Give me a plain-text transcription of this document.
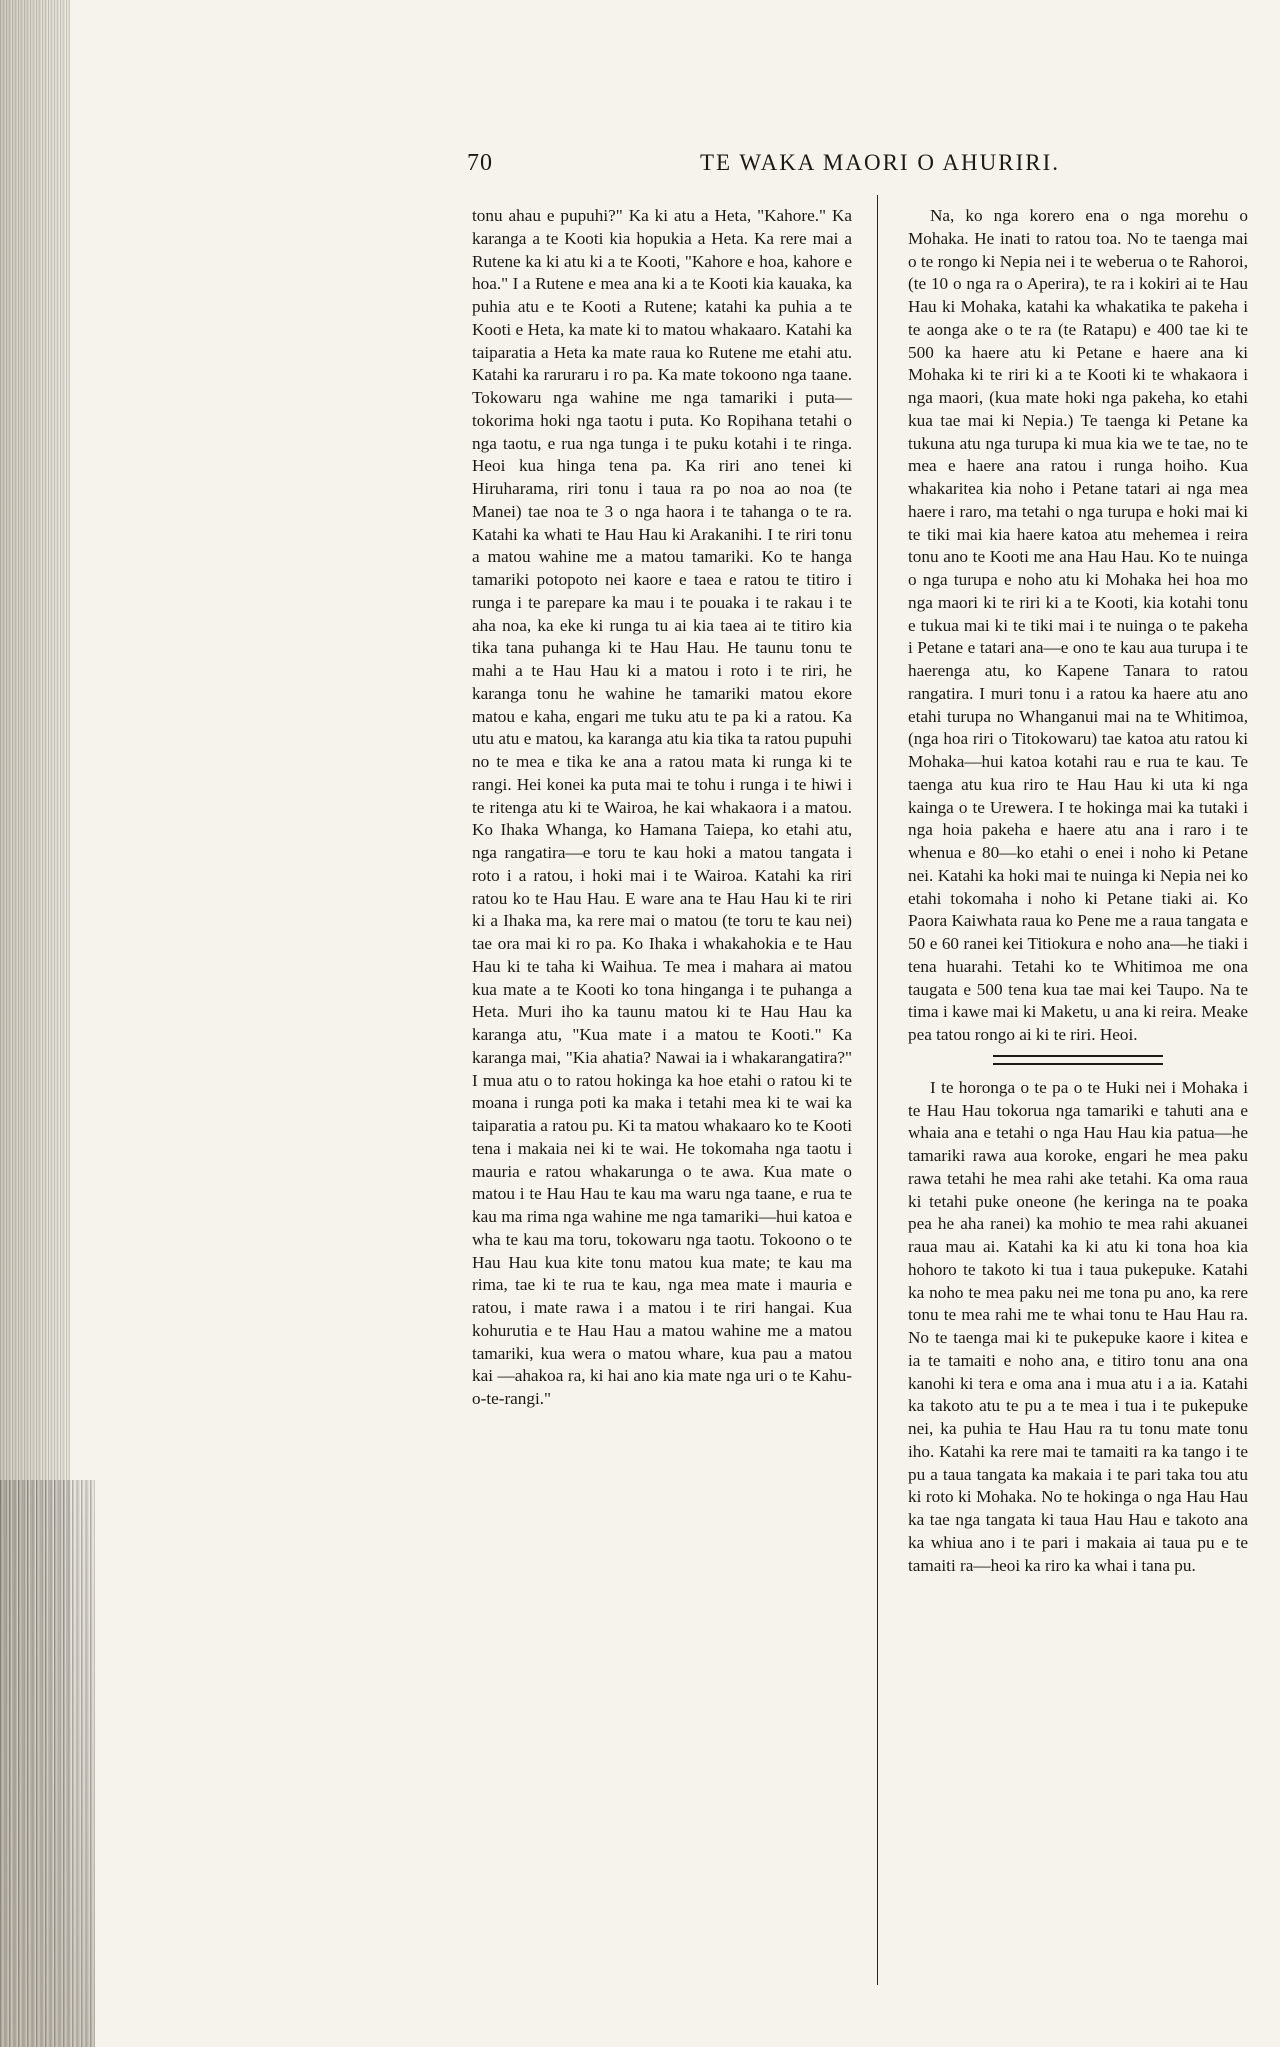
70	TE WAKA MAORI O AHURIRI.

tonu ahau e pupuhi?" Ka ki atu a Heta, "Kahore." Ka karanga a te Kooti kia hopukia a Heta. Ka rere mai a Rutene ka ki atu ki a te Kooti, "Kahore e hoa, kahore e hoa." I a Rutene e mea ana ki a te Kooti kia kauaka, ka puhia atu e te Kooti a Rutene; katahi ka puhia a te Kooti e Heta, ka mate ki to matou whakaaro. Katahi ka taiparatia a Heta ka mate raua ko Rutene me etahi atu. Katahi ka raruraru i ro pa. Ka mate tokoono nga taane. Tokowaru nga wahine me nga tamariki i puta—tokorima hoki nga taotu i puta. Ko Ropihana tetahi o nga taotu, e rua nga tunga i te puku kotahi i te ringa. Heoi kua hinga tena pa. Ka riri ano tenei ki Hiruharama, riri tonu i taua ra po noa ao noa (te Manei) tae noa te 3 o nga haora i te tahanga o te ra. Katahi ka whati te Hau Hau ki Arakanihi. I te riri tonu a matou wahine me a matou tamariki. Ko te hanga tamariki potopoto nei kaore e taea e ratou te titiro i runga i te parepare ka mau i te pouaka i te rakau i te aha noa, ka eke ki runga tu ai kia taea ai te titiro kia tika tana puhanga ki te Hau Hau. He taunu tonu te mahi a te Hau Hau ki a matou i roto i te riri, he karanga tonu he wahine he tamariki matou ekore matou e kaha, engari me tuku atu te pa ki a ratou. Ka utu atu e matou, ka karanga atu kia tika ta ratou pupuhi no te mea e tika ke ana a ratou mata ki runga ki te rangi. Hei konei ka puta mai te tohu i runga i te hiwi i te ritenga atu ki te Wairoa, he kai whakaora i a matou. Ko Ihaka Whanga, ko Hamana Taiepa, ko etahi atu, nga rangatira—e toru te kau hoki a matou tangata i roto i a ratou, i hoki mai i te Wairoa. Katahi ka riri ratou ko te Hau Hau. E ware ana te Hau Hau ki te riri ki a Ihaka ma, ka rere mai o matou (te toru te kau nei) tae ora mai ki ro pa. Ko Ihaka i whakahokia e te Hau Hau ki te taha ki Waihua. Te mea i mahara ai matou kua mate a te Kooti ko tona hinganga i te puhanga a Heta. Muri iho ka taunu matou ki te Hau Hau ka karanga atu, "Kua mate i a matou te Kooti." Ka karanga mai, "Kia ahatia? Nawai ia i whakarangatira?" I mua atu o to ratou hokinga ka hoe etahi o ratou ki te moana i runga poti ka maka i tetahi mea ki te wai ka taiparatia a ratou pu. Ki ta matou whakaaro ko te Kooti tena i makaia nei ki te wai. He tokomaha nga taotu i mauria e ratou whakarunga o te awa. Kua mate o matou i te Hau Hau te kau ma waru nga taane, e rua te kau ma rima nga wahine me nga tamariki—hui katoa e wha te kau ma toru, tokowaru nga taotu. Tokoono o te Hau Hau kua kite tonu matou kua mate; te kau ma rima, tae ki te rua te kau, nga mea mate i mauria e ratou, i mate rawa i a matou i te riri hangai. Kua kohurutia e te Hau Hau a matou wahine me a matou tamariki, kua wera o matou whare, kua pau a matou kai —ahakoa ra, ki hai ano kia mate nga uri o te Kahu-o-te-rangi."

Na, ko nga korero ena o nga morehu o Mohaka. He inati to ratou toa. No te taenga mai o te rongo ki Nepia nei i te weberua o te Rahoroi, (te 10 o nga ra o Aperira), te ra i kokiri ai te Hau Hau ki Mohaka, katahi ka whakatika te pakeha i te aonga ake o te ra (te Ratapu) e 400 tae ki te 500 ka haere atu ki Petane e haere ana ki Mohaka ki te riri ki a te Kooti ki te whakaora i nga maori, (kua mate hoki nga pakeha, ko etahi kua tae mai ki Nepia.) Te taenga ki Petane ka tukuna atu nga turupa ki mua kia we te tae, no te mea e haere ana ratou i runga hoiho. Kua whakaritea kia noho i Petane tatari ai nga mea haere i raro, ma tetahi o nga turupa e hoki mai ki te tiki mai kia haere katoa atu mehemea i reira tonu ano te Kooti me ana Hau Hau. Ko te nuinga o nga turupa e noho atu ki Mohaka hei hoa mo nga maori ki te riri ki a te Kooti, kia kotahi tonu e tukua mai ki te tiki mai i te nuinga o te pakeha i Petane e tatari ana—e ono te kau aua turupa i te haerenga atu, ko Kapene Tanara to ratou rangatira. I muri tonu i a ratou ka haere atu ano etahi turupa no Whanganui mai na te Whitimoa, (nga hoa riri o Titokowaru) tae katoa atu ratou ki Mohaka—hui katoa kotahi rau e rua te kau. Te taenga atu kua riro te Hau Hau ki uta ki nga kainga o te Urewera. I te hokinga mai ka tutaki i nga hoia pakeha e haere atu ana i raro i te whenua e 80—ko etahi o enei i noho ki Petane nei. Katahi ka hoki mai te nuinga ki Nepia nei ko etahi tokomaha i noho ki Petane tiaki ai. Ko Paora Kaiwhata raua ko Pene me a raua tangata e 50 e 60 ranei kei Titiokura e noho ana—he tiaki i tena huarahi. Tetahi ko te Whitimoa me ona taugata e 500 tena kua tae mai kei Taupo. Na te tima i kawe mai ki Maketu, u ana ki reira. Meake pea tatou rongo ai ki te riri. Heoi.

I te horonga o te pa o te Huki nei i Mohaka i te Hau Hau tokorua nga tamariki e tahuti ana e whaia ana e tetahi o nga Hau Hau kia patua—he tamariki rawa aua koroke, engari he mea paku rawa tetahi he mea rahi ake tetahi. Ka oma raua ki tetahi puke oneone (he keringa na te poaka pea he aha ranei) ka mohio te mea rahi akuanei raua mau ai. Katahi ka ki atu ki tona hoa kia hohoro te takoto ki tua i taua pukepuke. Katahi ka noho te mea paku nei me tona pu ano, ka rere tonu te mea rahi me te whai tonu te Hau Hau ra. No te taenga mai ki te pukepuke kaore i kitea e ia te tamaiti e noho ana, e titiro tonu ana ona kanohi ki tera e oma ana i mua atu i a ia. Katahi ka takoto atu te pu a te mea i tua i te pukepuke nei, ka puhia te Hau Hau ra tu tonu mate tonu iho. Katahi ka rere mai te tamaiti ra ka tango i te pu a taua tangata ka makaia i te pari taka tou atu ki roto ki Mohaka. No te hokinga o nga Hau Hau ka tae nga tangata ki taua Hau Hau e takoto ana ka whiua ano i te pari i makaia ai taua pu e te tamaiti ra—heoi ka riro ka whai i tana pu.
